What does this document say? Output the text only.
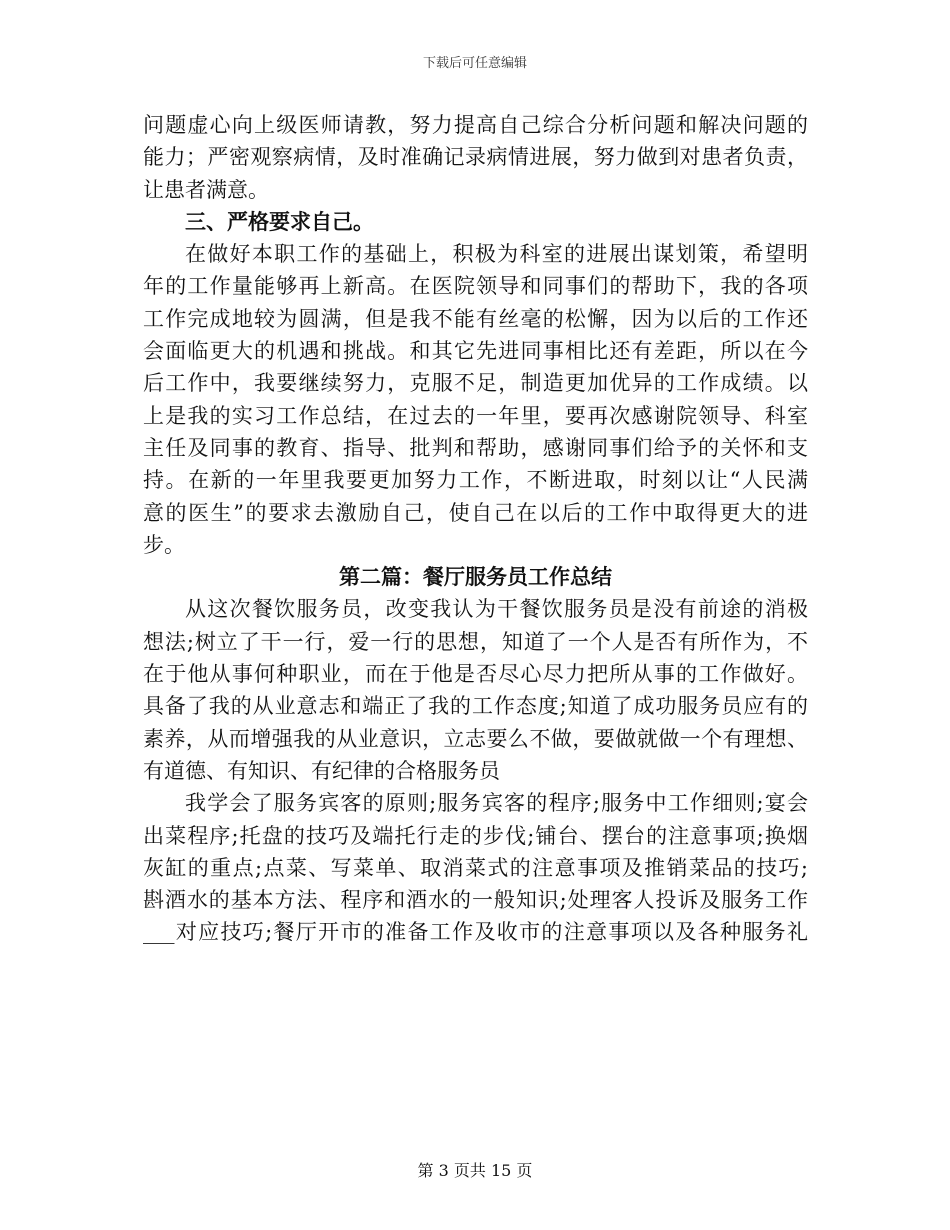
下载后可任意编辑
问题虚心向上级医师请教，努力提高自己综合分析问题和解决问题的
能力；严密观察病情，及时准确记录病情进展，努力做到对患者负责，
让患者满意。
三、严格要求自己。
在做好本职工作的基础上，积极为科室的进展出谋划策，希望明
年的工作量能够再上新高。在医院领导和同事们的帮助下，我的各项
工作完成地较为圆满，但是我不能有丝毫的松懈，因为以后的工作还
会面临更大的机遇和挑战。和其它先进同事相比还有差距，所以在今
后工作中，我要继续努力，克服不足，制造更加优异的工作成绩。以
上是我的实习工作总结，在过去的一年里，要再次感谢院领导、科室
主任及同事的教育、指导、批判和帮助，感谢同事们给予的关怀和支
持。在新的一年里我要更加努力工作，不断进取，时刻以让“人民满
意的医生”的要求去激励自己，使自己在以后的工作中取得更大的进
步。
第二篇：餐厅服务员工作总结
从这次餐饮服务员，改变我认为干餐饮服务员是没有前途的消极
想法;树立了干一行，爱一行的思想，知道了一个人是否有所作为，不
在于他从事何种职业，而在于他是否尽心尽力把所从事的工作做好。
具备了我的从业意志和端正了我的工作态度;知道了成功服务员应有的
素养，从而增强我的从业意识，立志要么不做，要做就做一个有理想、
有道德、有知识、有纪律的合格服务员
我学会了服务宾客的原则;服务宾客的程序;服务中工作细则;宴会
出菜程序;托盘的技巧及端托行走的步伐;铺台、摆台的注意事项;换烟
灰缸的重点;点菜、写菜单、取消菜式的注意事项及推销菜品的技巧;
斟酒水的基本方法、程序和酒水的一般知识;处理客人投诉及服务工作
___对应技巧;餐厅开市的准备工作及收市的注意事项以及各种服务礼
第 3 页共 15 页
